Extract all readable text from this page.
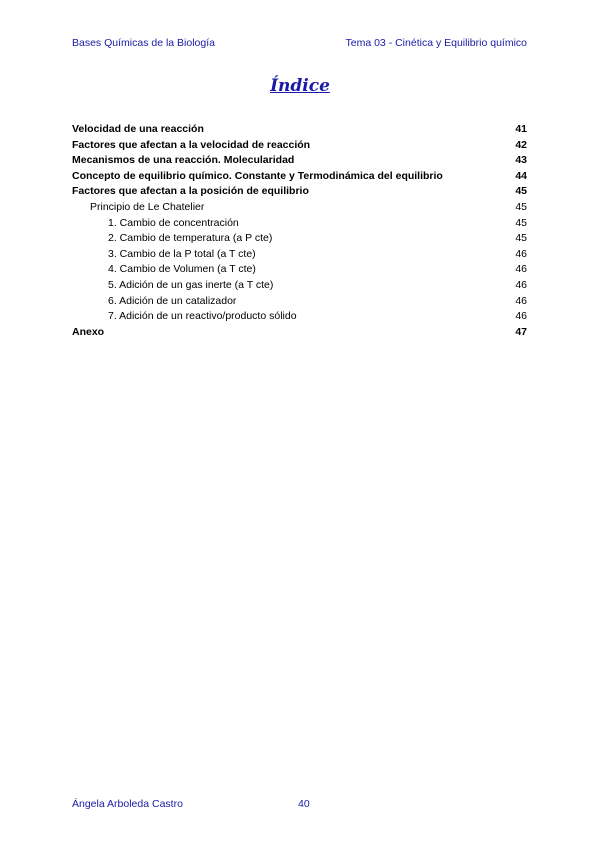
Bases Químicas de la Biología	Tema 03 - Cinética y Equilibrio químico
Índice
Velocidad de una reacción	41
Factores que afectan a la velocidad de reacción	42
Mecanismos de una reacción. Molecularidad	43
Concepto de equilibrio químico. Constante y Termodinámica del equilibrio	44
Factores que afectan a la posición de equilibrio	45
Principio de Le Chatelier	45
1. Cambio de concentración	45
2. Cambio de temperatura (a P cte)	45
3. Cambio de la P total (a T cte)	46
4. Cambio de Volumen (a T cte)	46
5. Adición de un gas inerte (a T cte)	46
6. Adición de un catalizador	46
7. Adición de un reactivo/producto sólido	46
Anexo	47
Ángela Arboleda Castro	40
